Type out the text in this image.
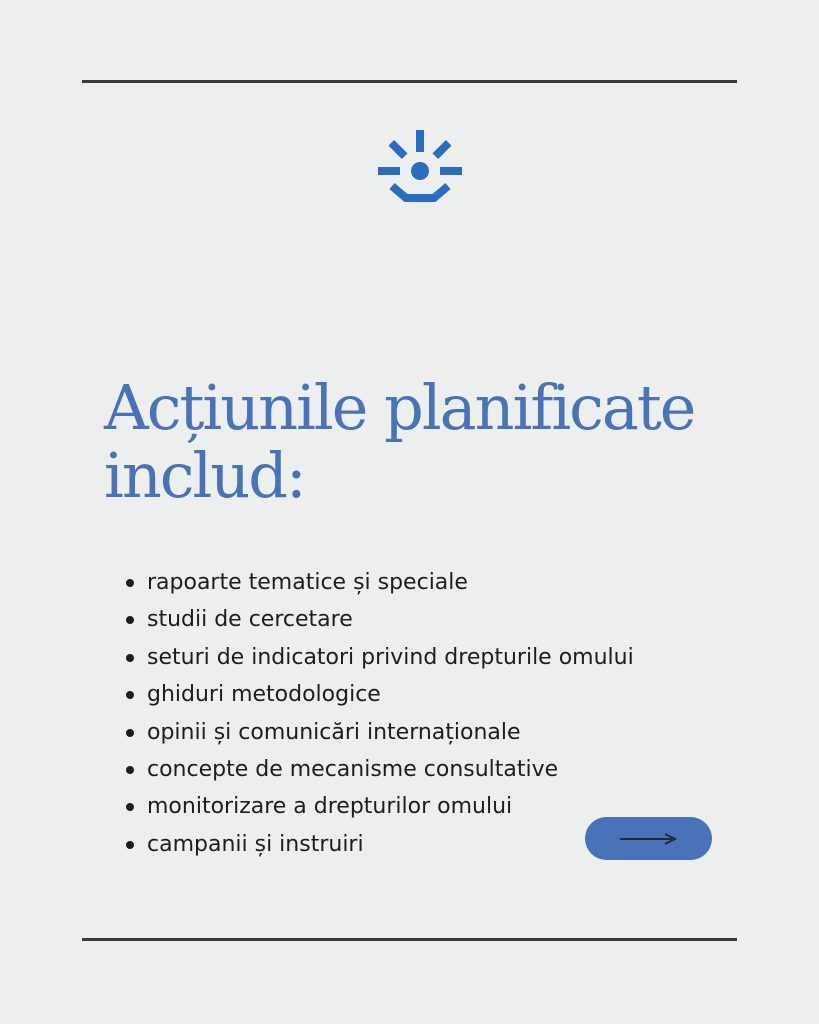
Acțiunile planificate
includ:
rapoarte tematice și speciale
studii de cercetare
seturi de indicatori privind drepturile omului
ghiduri metodologice
opinii și comunicări internaționale
concepte de mecanisme consultative
monitorizare a drepturilor omului
campanii și instruiri
